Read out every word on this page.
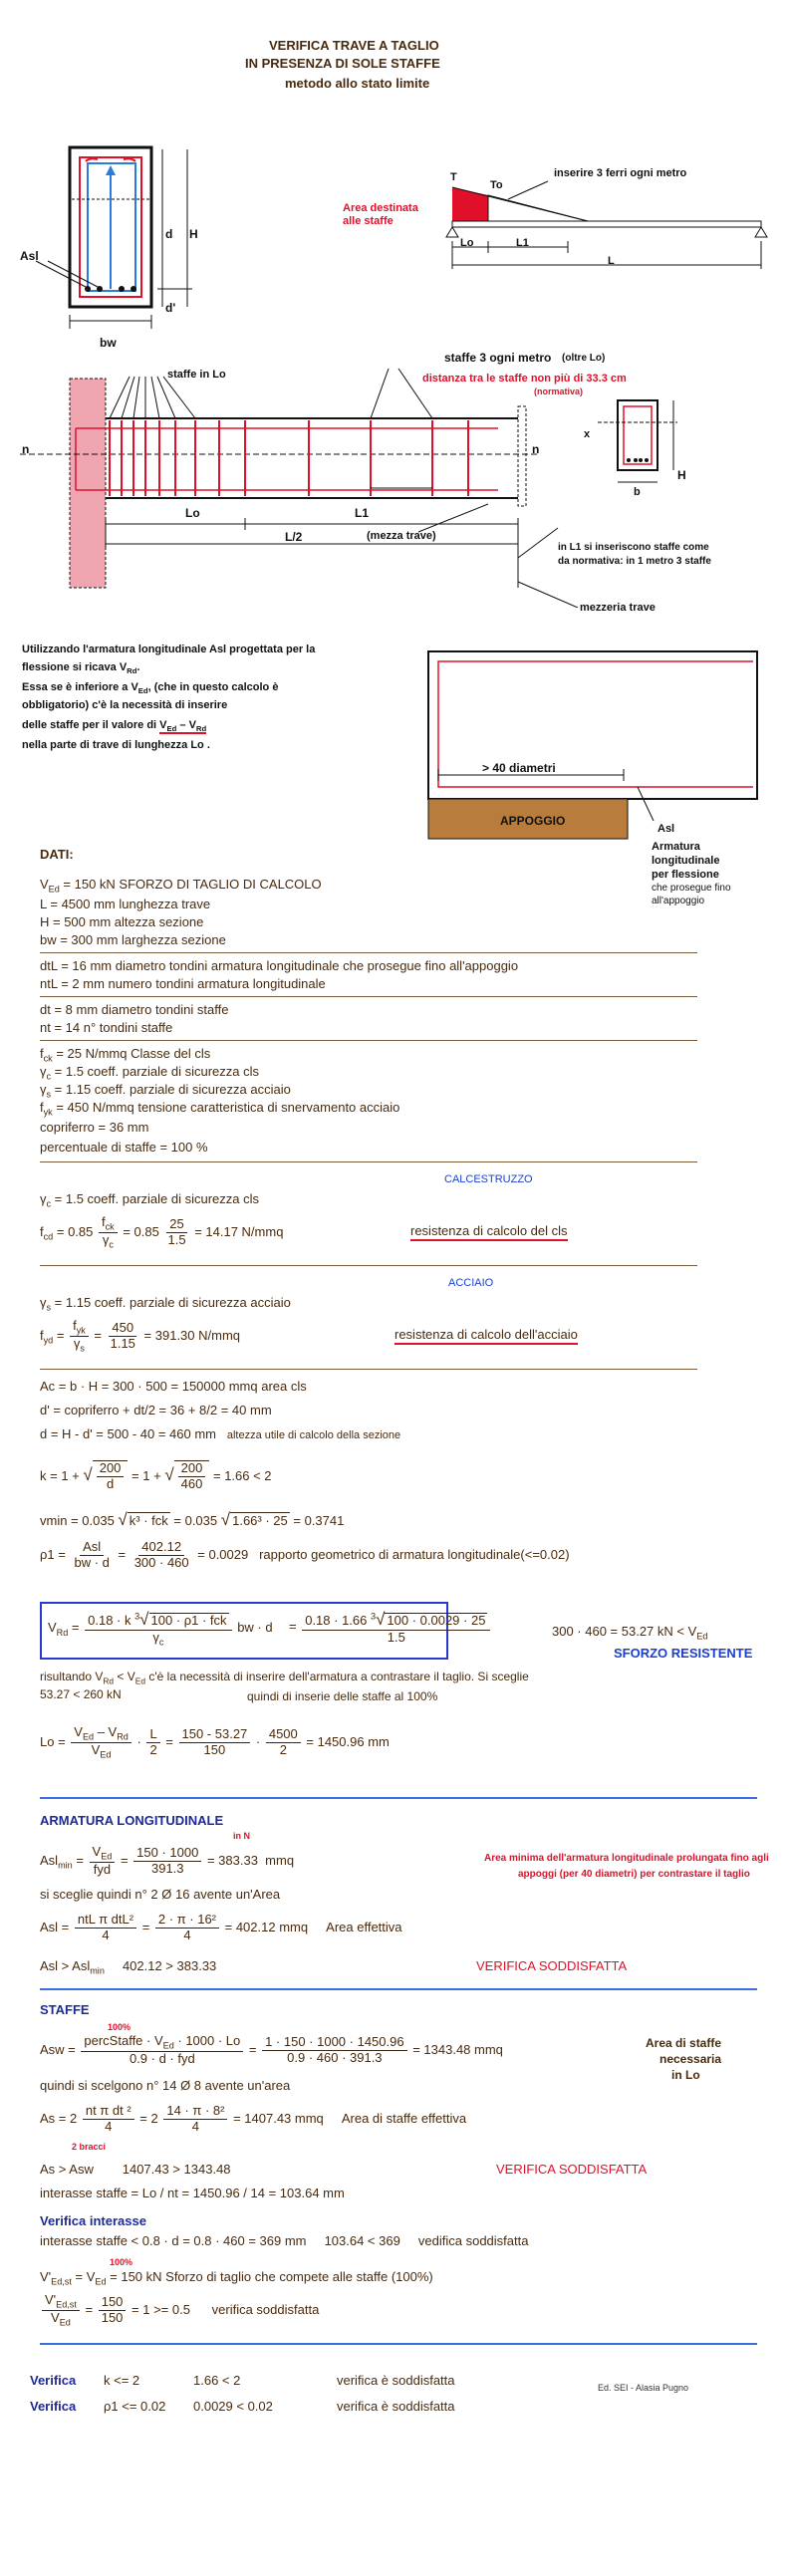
VERIFICA TRAVE A TAGLIO
IN PRESENZA DI SOLE STAFFE
metodo allo stato limite
Asl
bw
d H
d'
T
To
inserire 3 ferri ogni metro
Area destinata
alle staffe
Lo	L1
L
staffe in Lo
staffe 3 ogni metro (oltre Lo)
distanza tra le staffe non più di 33.3 cm
(normativa)
n	n
x
H
b
Lo	L1
L/2	(mezza trave)
in L1 si inseriscono staffe come
da normativa: in 1 metro 3 staffe
mezzeria trave
Utilizzando l'armatura longitudinale Asl progettata per la
flessione si ricava $V_{Rd}$.
Essa se è inferiore a $V_{Ed}$, (che in questo calcolo è
obbligatorio) c'è la necessità di inserire
delle staffe per il valore di $V_{Ed} - V_{Rd}$
nella parte di trave di lunghezza Lo .
> 40 diametri
APPOGGIO
Asl
Armatura
longitudinale
per flessione
che prosegue fino
all'appoggio
DATI:
$V_{Ed} = 150$ kN SFORZO DI TAGLIO DI CALCOLO
L = 4500 mm lunghezza trave
H = 500 mm altezza sezione
bw = 300 mm larghezza sezione
dtL = 16 mm diametro tondini armatura longitudinale che prosegue fino all'appoggio
ntL = 2 mm numero tondini armatura longitudinale
dt = 8 mm diametro tondini staffe
nt = 14 n° tondini staffe
$f_{ck} = 25$ N/mmq Classe del cls
$\gamma_c = 1.5$ coeff. parziale di sicurezza cls
$\gamma_s = 1.15$ coeff. parziale di sicurezza acciaio
$f_{yk} = 450$ N/mmq tensione caratteristica di snervamento acciaio
copriferro = 36 mm
percentuale di staffe = 100 %
CALCESTRUZZO
$\gamma_c = 1.5$ coeff. parziale di sicurezza cls
$f_{cd} = 0.85 \frac{f_{ck}}{\gamma_c} = 0.85 \frac{25}{1.5} = 14.17$ N/mmq	resistenza di calcolo del cls
ACCIAIO
$\gamma_s = 1.15$ coeff. parziale di sicurezza acciaio
$f_{yd} = \frac{f_{yk}}{\gamma_s} = \frac{450}{1.15} = 391.30$ N/mmq	resistenza di calcolo dell'acciaio
Ac = b · H = 300 · 500 = 150000 mmq area cls
d' = copriferro + dt/2 = 36 + 8/2 = 40 mm
d = H - d' = 500 - 40 = 460 mm altezza utile di calcolo della sezione
k = 1 + √ $\frac{200}{d} = 1$ + √ $\frac{200}{460} = 1.66 < 2$
vmin = 0.035 √ k³ · fck = 0.035 √ 1.66³ · 25 = 0.3741
$\rho 1 = \frac{\text{Asl}}{bw \cdot d} = \frac{402.12}{300 \cdot 460} = 0.0029$ rapporto geometrico di armatura longitudinale(<=0.02)
$V_{Rd} = \frac{0.18 \cdot k ^3√ 100 \cdot \rho 1 \cdot fck}{\gamma_c}$ bw · $d = \frac{0.18 \cdot 1.66 ^3√ 100 \cdot 0.0029 \cdot 25}{1.5}$	300 · 460 = 53.27 kN < $V_{Ed}$
SFORZO RESISTENTE
risultando $V_{Rd} < V_{Ed}$ c'è la necessità di inserire dell'armatura a contrastare il taglio. Si sceglie
53.27 < 260 kN	quindi di inserie delle staffe al 100%
$Lo = \frac{V_{Ed} - V_{Rd}}{V_{Ed}} \cdot \frac{L}{2} = \frac{150 - 53.27}{150} \cdot \frac{4500}{2} = 1450.96$ mm
ARMATURA LONGITUDINALE
in N
$Asl_{min} = \frac{V_{Ed}}{\text{fyd}} = \frac{150 \cdot 1000}{391.3} = 383.33$ mmq	Area minima dell'armatura longitudinale prolungata fino agli
appoggi (per 40 diametri) per contrastare il taglio
si sceglie quindi n° 2 Ø 16 avente un'Area
Asl = $\frac{\text{ntL π dtL²}}{4} = \frac{\text{2 · π · 16²}}{4} = 402.12$ mmq Area effettiva
Asl > Asl$_{min}$ 402.12 > 383.33	VERIFICA SODDISFATTA
STAFFE
100%
Asw = $\frac{percStaffe \cdot V_{Ed} \cdot 1000 \cdot Lo}{\text{0.9 · d · fyd}} = \frac{1 \cdot 150 \cdot 1000 \cdot 1450.96}{0.9 \cdot 460 \cdot 391.3} = 1343.48$ mmq	Area di staffe
necessaria
in Lo
quindi si scelgono n° 14 Ø 8 avente un'area
$As = 2 \frac{\text{nt π dt ²}}{4} = 2 \frac{\text{14 · π · 8²}}{4} = 1407.43$ mmq Area di staffe effettiva
2 bracci
As > Asw 1407.43 > 1343.48	VERIFICA SODDISFATTA
interasse staffe = Lo / nt = 1450.96 / 14 = 103.64 mm
Verifica interasse
interasse staffe < 0.8 · d = 0.8 · 460 = 369 mm 103.64 < 369 vedifica soddisfatta
100%
$V'_{Ed,st} = V_{Ed} = 150$ kN Sforzo di taglio che compete alle staffe (100%)
$\frac{V'_{Ed,st}}{V_{Ed}} = \frac{150}{150} = 1 >= 0.5$ verifica soddisfatta
Verifica k <= 2	1.66 < 2	verifica è soddisfatta	Ed. SEI - Alasia Pugno
Verifica ρ1 <= 0.02 0.0029 < 0.02	verifica è soddisfatta
